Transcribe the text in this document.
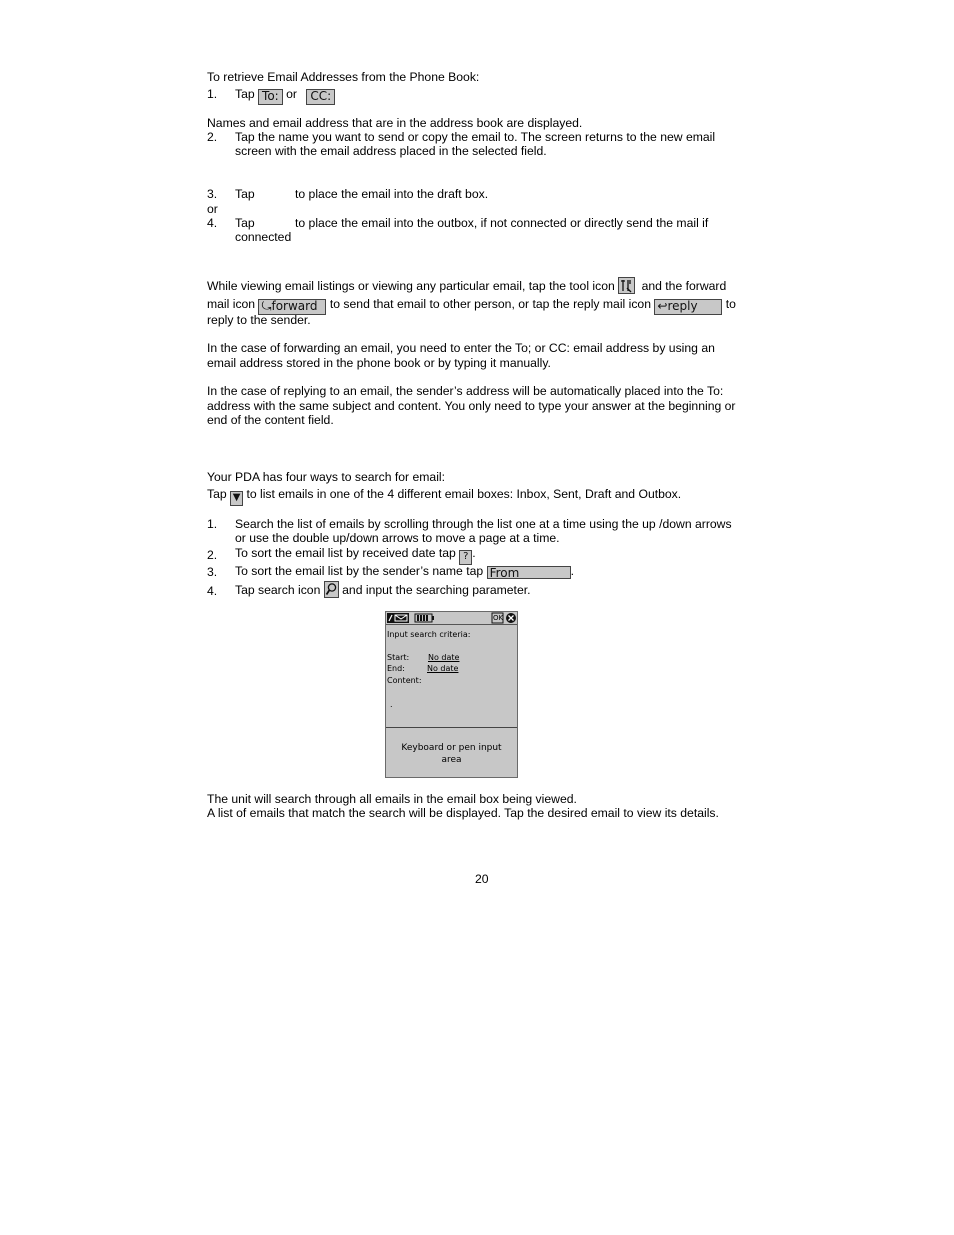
To retrieve Email Addresses from the Phone Book:
1. Tap To: or CC:
Names and email address that are in the address book are displayed.
2. Tap the name you want to send or copy the email to. The screen returns to the new email
screen with the email address placed in the selected field.
3. Tap	to place the email into the draft box.
or
4. Tap	to place the email into the outbox, if not connected or directly send the mail if
connected
While viewing email listings or viewing any particular email, tap the tool icon and the forward
mail icon ⤿forward to send that email to other person, or tap the reply mail icon ↩reply to
reply to the sender.
In the case of forwarding an email, you need to enter the To; or CC: email address by using an
email address stored in the phone book or by typing it manually.
In the case of replying to an email, the sender’s address will be automatically placed into the To:
address with the same subject and content. You only need to type your answer at the beginning or
end of the content field.
Your PDA has four ways to search for email:
Tap ▼ to list emails in one of the 4 different email boxes: Inbox, Sent, Draft and Outbox.
1. Search the list of emails by scrolling through the list one at a time using the up /down arrows
or use the double up/down arrows to move a page at a time.
2. To sort the email list by received date tap ? .
3. To sort the email list by the sender’s name tap From	.
4. Tap search icon and input the searching parameter.
OK
Input search criteria:
Start: No date
End:	No date
Content:
.
Keyboard or pen input
area
The unit will search through all emails in the email box being viewed.
A list of emails that match the search will be displayed. Tap the desired email to view its details.
20
